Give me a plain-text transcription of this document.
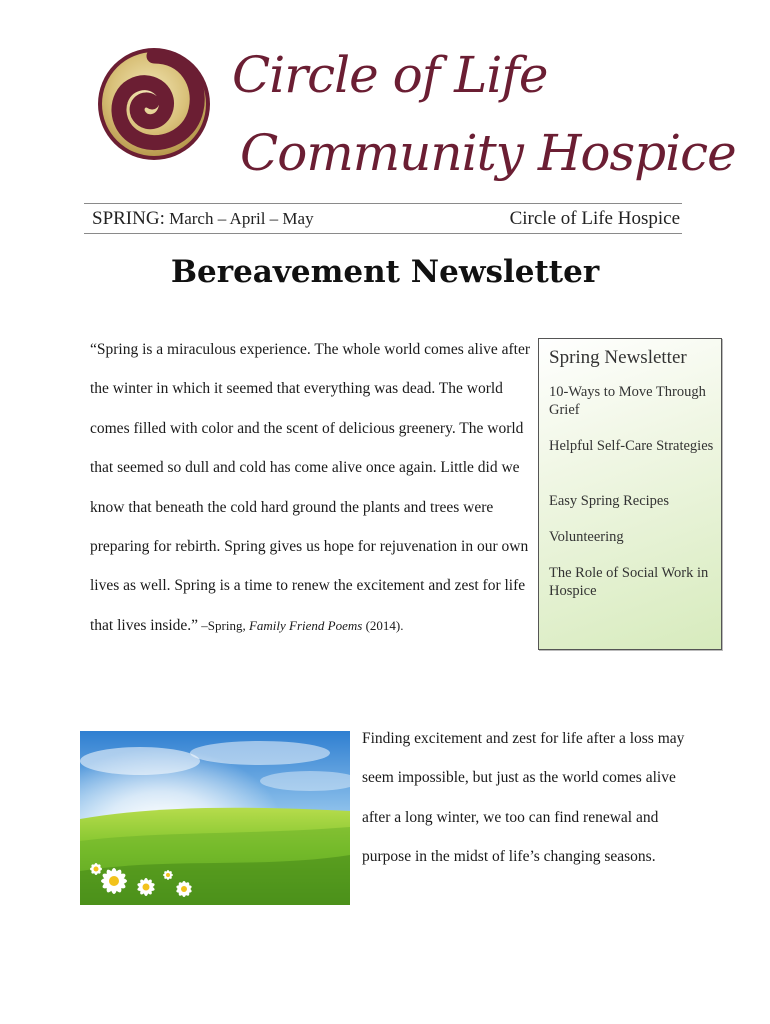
Circle of Life
Community Hospice
SPRING: March – April – May	Circle of Life Hospice
Bereavement Newsletter
“Spring is a miraculous experience. The whole world comes alive after the winter in which it seemed that everything was dead. The world comes filled with color and the scent of delicious greenery. The world that seemed so dull and cold has come alive once again. Little did we know that beneath the cold hard ground the plants and trees were preparing for rebirth. Spring gives us hope for rejuvenation in our own lives as well. Spring is a time to renew the excitement and zest for life that lives inside.” –Spring, Family Friend Poems (2014).
Spring Newsletter
10-Ways to Move Through Grief
Helpful Self-Care Strategies
Easy Spring Recipes
Volunteering
The Role of Social Work in Hospice
Finding excitement and zest for life after a loss may seem impossible, but just as the world comes alive after a long winter, we too can find renewal and purpose in the midst of life’s changing seasons.
